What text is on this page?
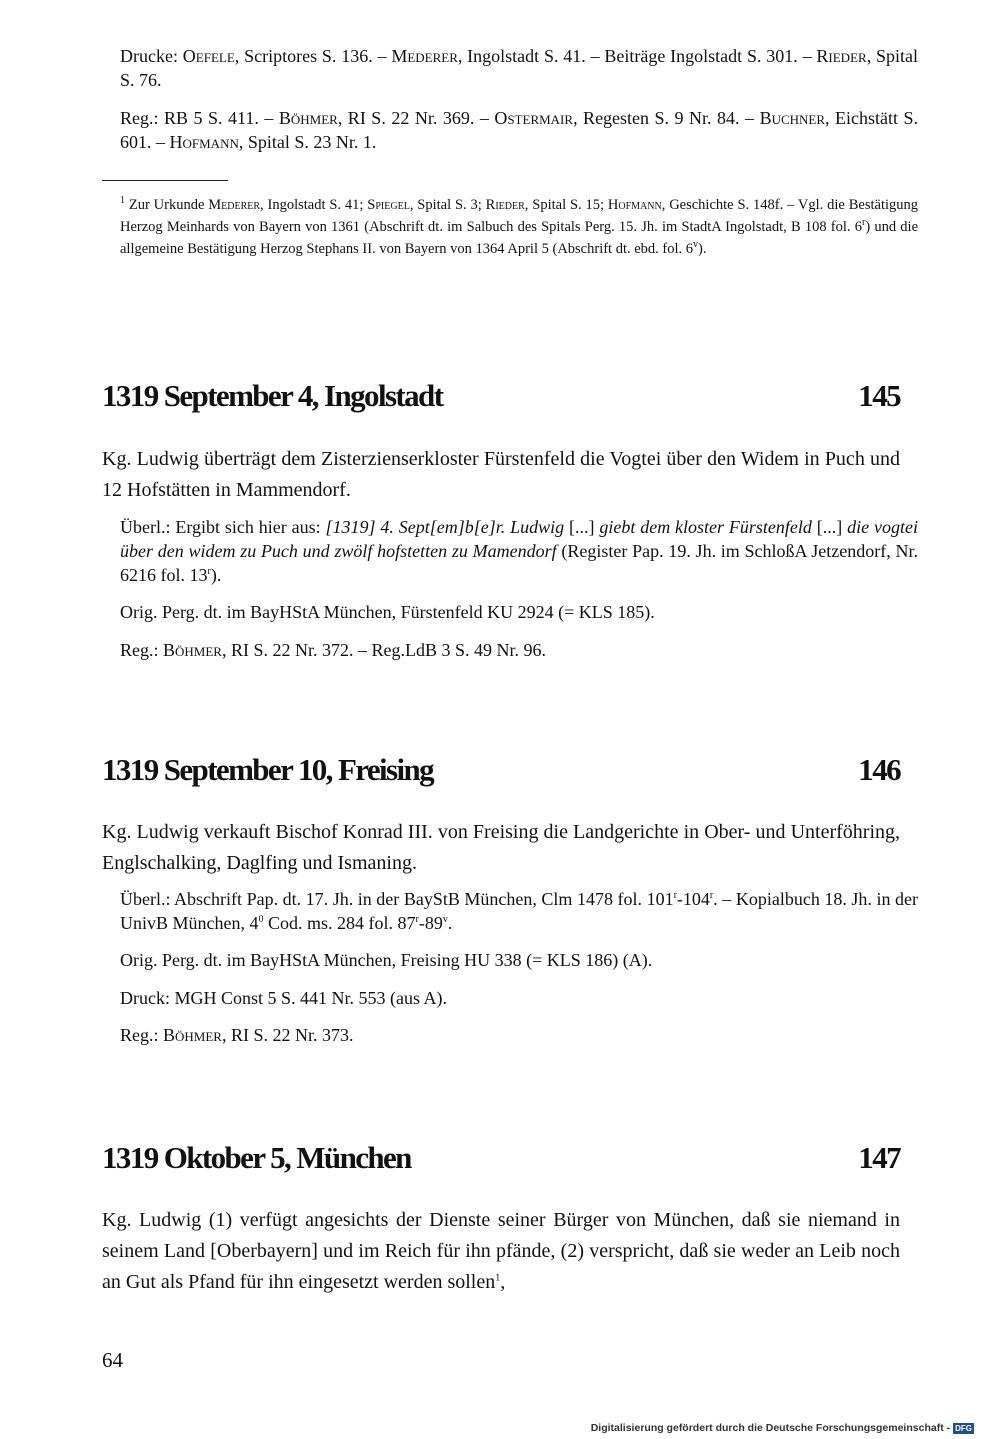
Drucke: Oefele, Scriptores S. 136. – Mederer, Ingolstadt S. 41. – Beiträge Ingolstadt S. 301. – Rieder, Spital S. 76.

Reg.: RB 5 S. 411. – Böhmer, RI S. 22 Nr. 369. – Ostermair, Regesten S. 9 Nr. 84. – Buchner, Eichstätt S. 601. – Hofmann, Spital S. 23 Nr. 1.

$^1$ Zur Urkunde Mederer, Ingolstadt S. 41; Spiegel, Spital S. 3; Rieder, Spital S. 15; Hofmann, Geschichte S. 148f. – Vgl. die Bestätigung Herzog Meinhards von Bayern von 1361 (Abschrift dt. im Salbuch des Spitals Perg. 15. Jh. im StadtA Ingolstadt, B 108 fol. 6$^r$) und die allgemeine Bestätigung Herzog Stephans II. von Bayern von 1364 April 5 (Abschrift dt. ebd. fol. 6$^v$).

1319 September 4, Ingolstadt	145

Kg. Ludwig überträgt dem Zisterzienserkloster Fürstenfeld die Vogtei über den Widem in Puch und 12 Hofstätten in Mammendorf.

Überl.: Ergibt sich hier aus: [1319] 4. Sept[em]b[e]r. Ludwig [...] giebt dem kloster Fürstenfeld [...] die vogtei über den widem zu Puch und zwölf hofstetten zu Mamendorf (Register Pap. 19. Jh. im SchloßA Jetzendorf, Nr. 6216 fol. 13$^r$).

Orig. Perg. dt. im BayHStA München, Fürstenfeld KU 2924 (= KLS 185).

Reg.: Böhmer, RI S. 22 Nr. 372. – Reg.LdB 3 S. 49 Nr. 96.

1319 September 10, Freising	146

Kg. Ludwig verkauft Bischof Konrad III. von Freising die Landgerichte in Ober- und Unterföhring, Englschalking, Daglfing und Ismaning.

Überl.: Abschrift Pap. dt. 17. Jh. in der BayStB München, Clm 1478 fol. 101$^r$-104$^r$. – Kopialbuch 18. Jh. in der UnivB München, $4^0$ Cod. ms. 284 fol. 87$^r$-89$^v$.

Orig. Perg. dt. im BayHStA München, Freising HU 338 (= KLS 186) (A).

Druck: MGH Const 5 S. 441 Nr. 553 (aus A).

Reg.: Böhmer, RI S. 22 Nr. 373.

1319 Oktober 5, München	147

Kg. Ludwig (1) verfügt angesichts der Dienste seiner Bürger von München, daß sie niemand in seinem Land [Oberbayern] und im Reich für ihn pfände, (2) verspricht, daß sie weder an Leib noch an Gut als Pfand für ihn eingesetzt werden sollen$^1$,

64
Digitalisierung gefördert durch die Deutsche Forschungsgemeinschaft - DFG
